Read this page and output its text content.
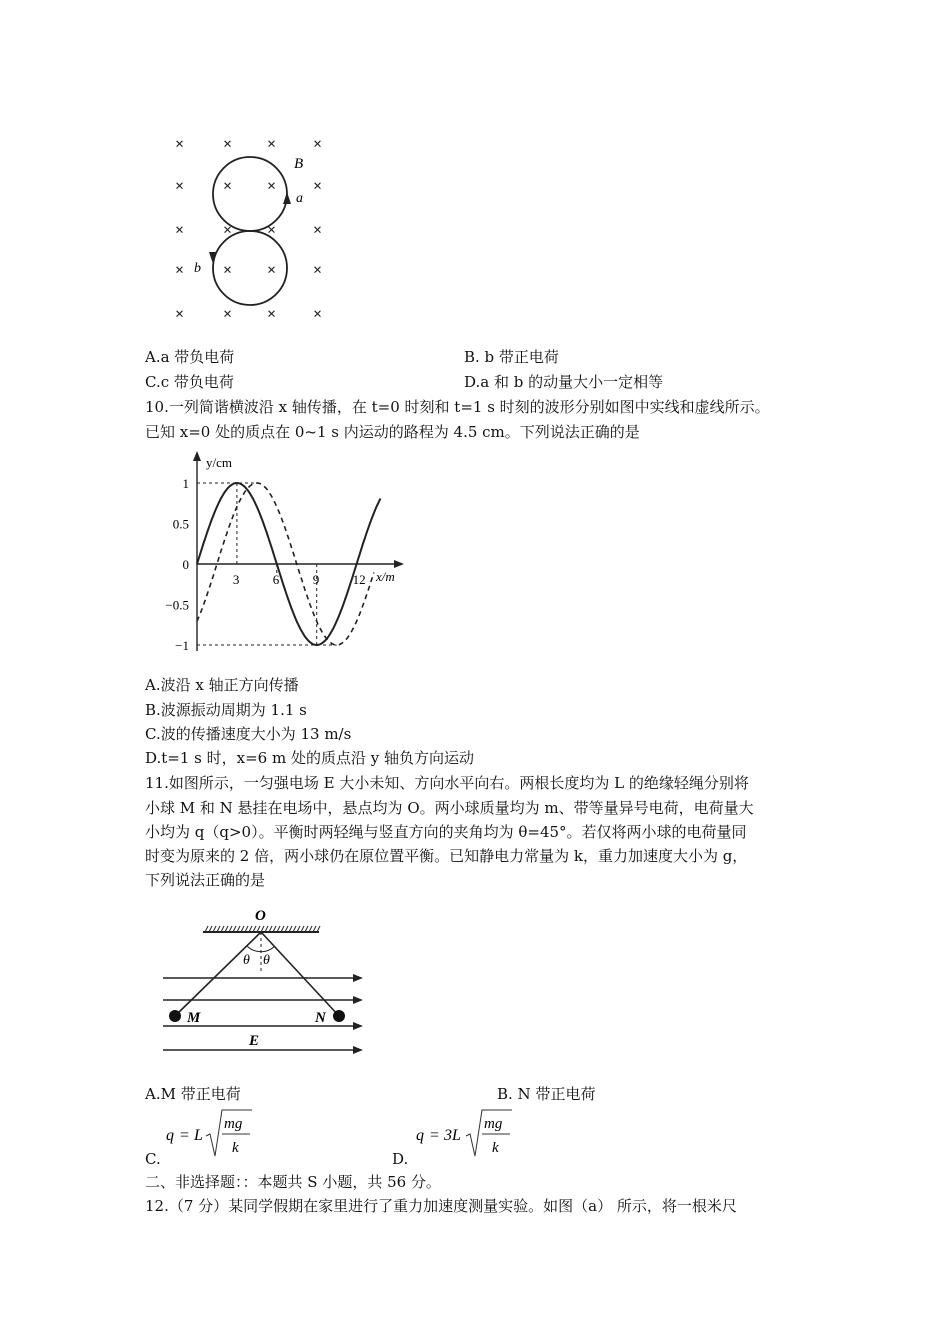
× × × ×
× × × ×
× × × ×
× × × ×
× × × ×
B
a
b
A.a 带负电荷	B. b 带正电荷
C.c 带负电荷	D.a 和 b 的动量大小一定相等
10.一列简谐横波沿 x 轴传播，在 t=0 时刻和 t=1 s 时刻的波形分别如图中实线和虚线所示。
已知 x=0 处的质点在 0~1 s 内运动的路程为 4.5 cm。下列说法正确的是
3	6	9	12
1
0.5
0
−0.5
−1
y/cm
x/m
A.波沿 x 轴正方向传播
B.波源振动周期为 1.1 s
C.波的传播速度大小为 13 m/s
D.t=1 s 时，x=6 m 处的质点沿 y 轴负方向运动
11.如图所示，一匀强电场 E 大小未知、方向水平向右。两根长度均为 L 的绝缘轻绳分别将
小球 M 和 N 悬挂在电场中，悬点均为 O。两小球质量均为 m、带等量异号电荷，电荷量大
小均为 q（q>0）。平衡时两轻绳与竖直方向的夹角均为 θ=45°。若仅将两小球的电荷量同
时变为原来的 2 倍，两小球仍在原位置平衡。已知静电力常量为 k，重力加速度大小为 g，
下列说法正确的是
O
θ θ
M	N
E
A.M 带正电荷	B. N 带正电荷
C.
q = L
mg
k
D.
q = 3L
mg
k
二、非选择题：：本题共 S 小题，共 56 分。
12.（7 分）某同学假期在家里进行了重力加速度测量实验。如图（a） 所示，将一根米尺
